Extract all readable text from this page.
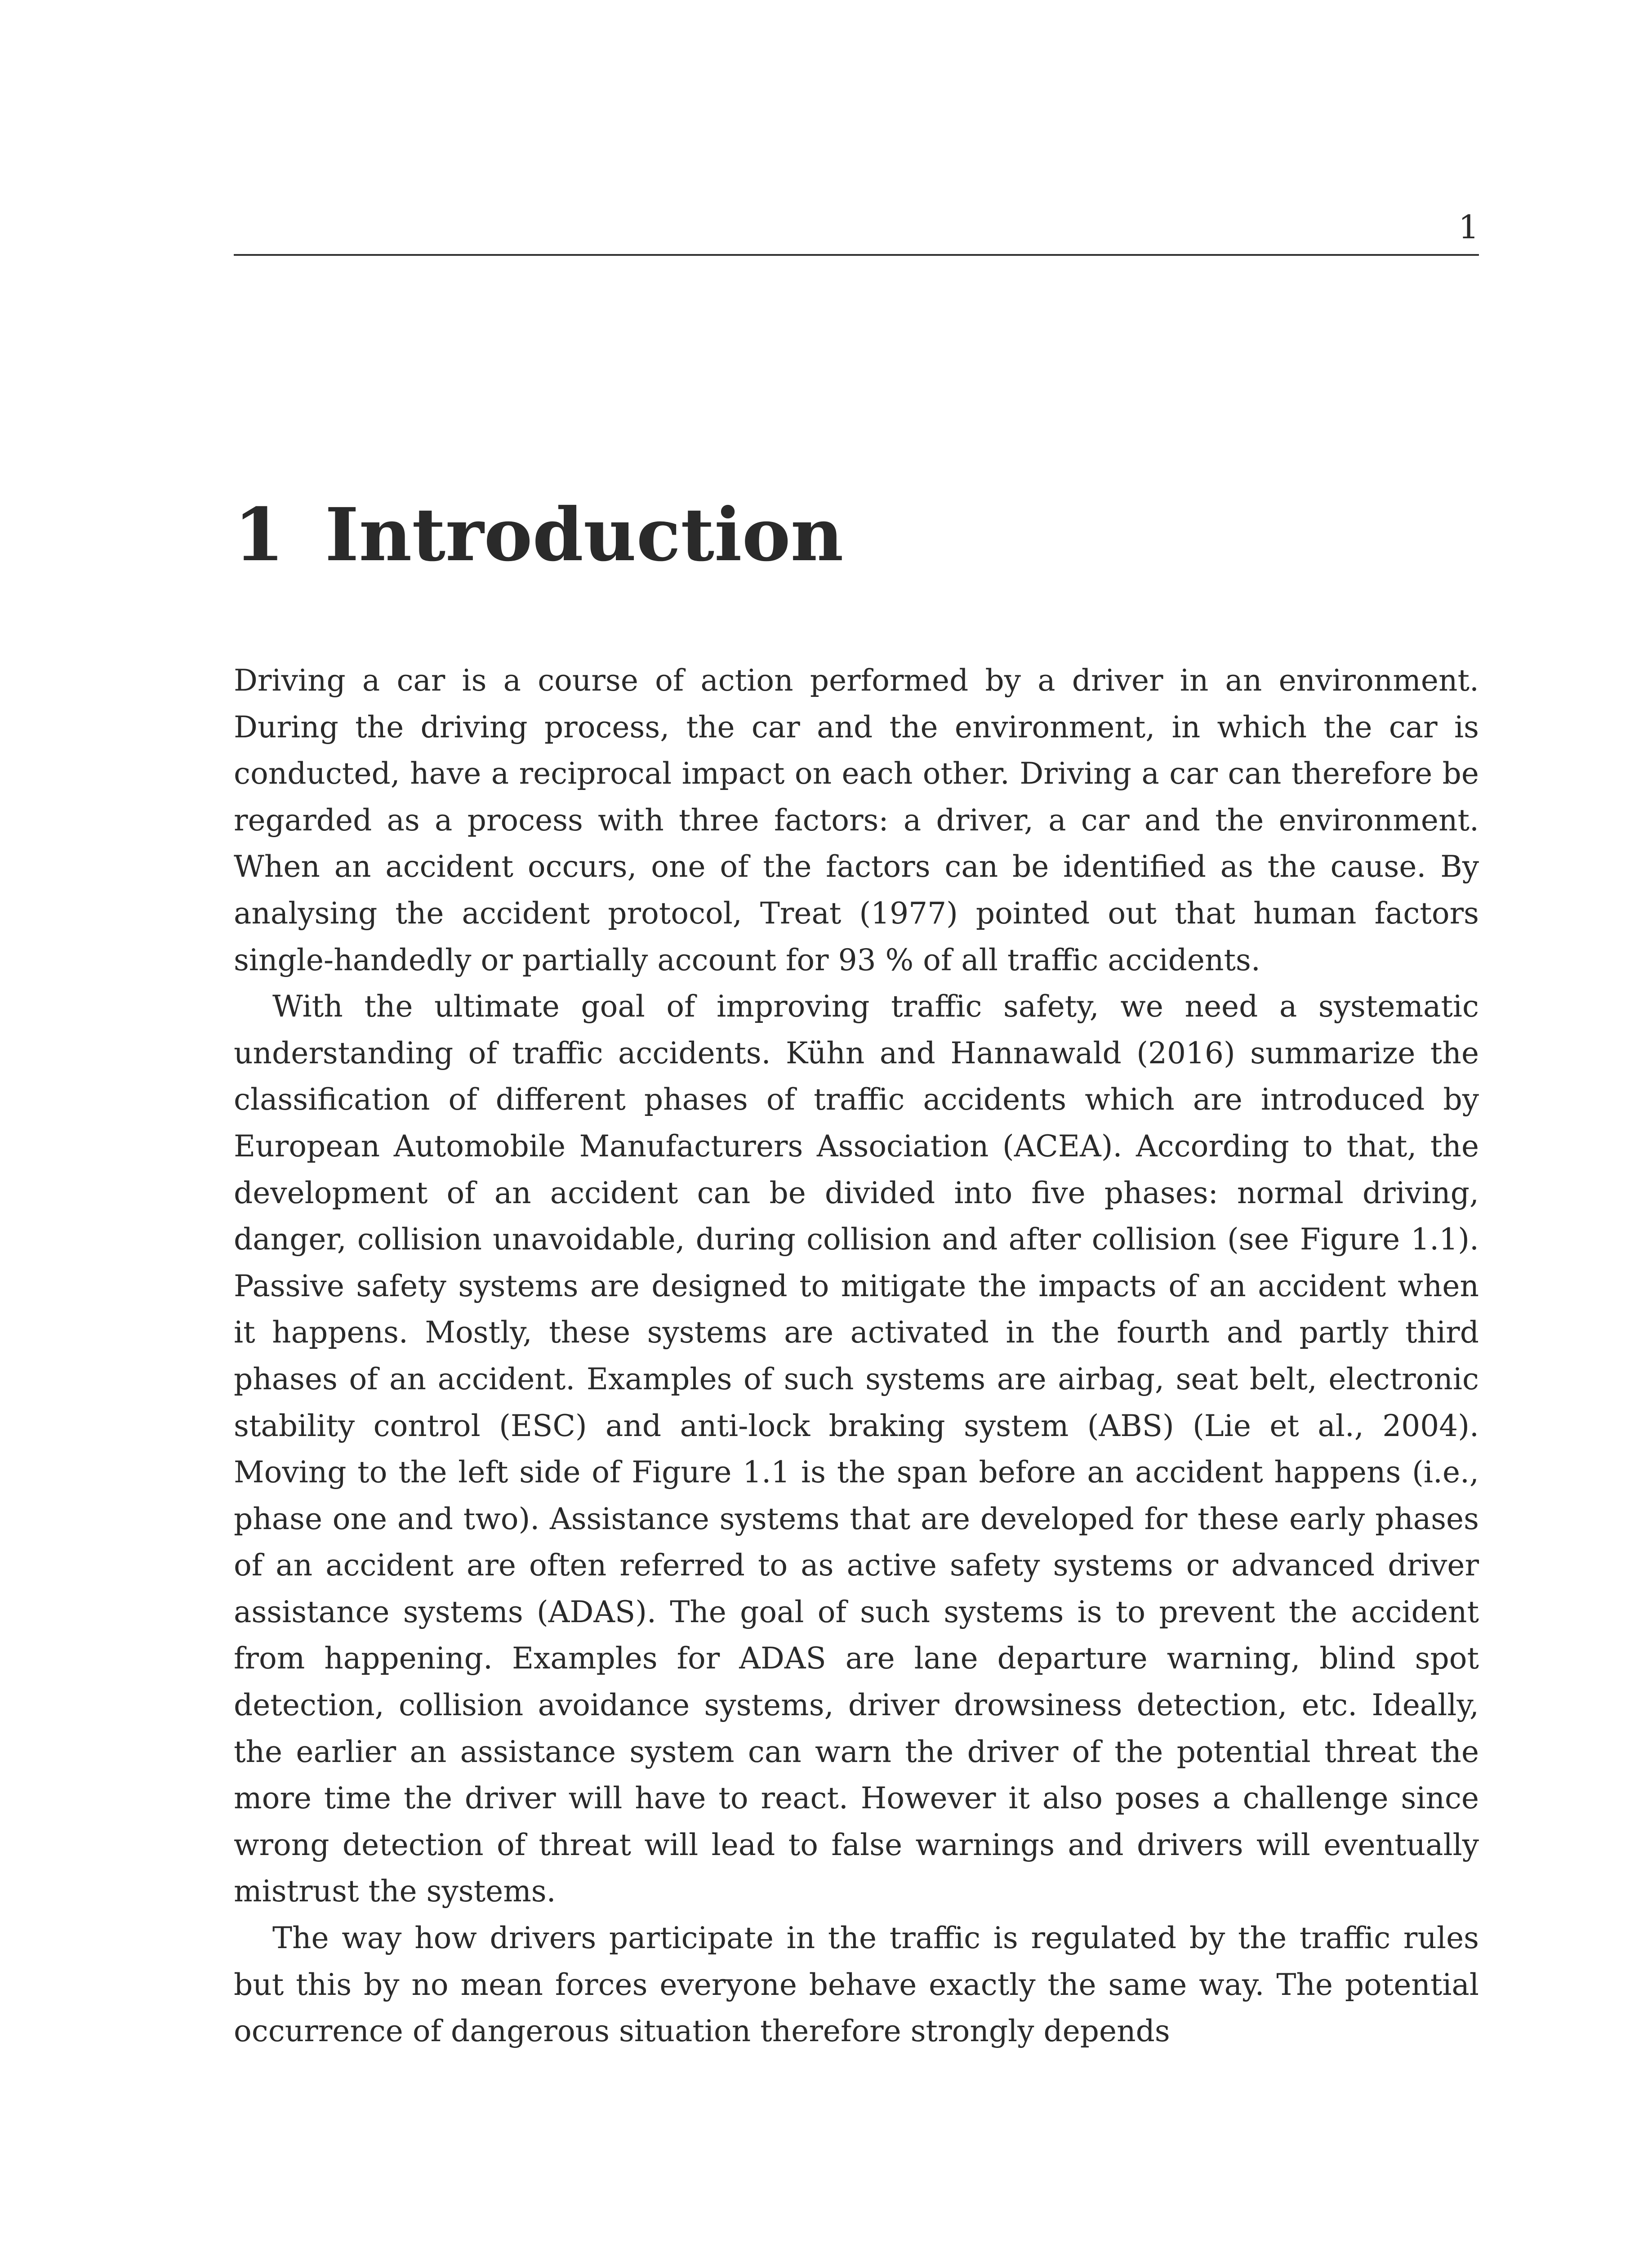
1
1 Introduction

Driving a car is a course of action performed by a driver in an environment. During the driving process, the car and the environment, in which the car is conducted, have a reciprocal impact on each other. Driving a car can therefore be regarded as a process with three factors: a driver, a car and the environment. When an accident occurs, one of the factors can be identified as the cause. By analysing the accident protocol, Treat (1977) pointed out that human factors single-handedly or partially account for 93 % of all traffic accidents.

With the ultimate goal of improving traffic safety, we need a systematic understanding of traffic accidents. Kühn and Hannawald (2016) summarize the classification of different phases of traffic accidents which are introduced by European Automobile Manufacturers Association (ACEA). According to that, the development of an accident can be divided into five phases: normal driving, danger, collision unavoidable, during collision and after collision (see Figure 1.1). Passive safety systems are designed to mitigate the impacts of an accident when it happens. Mostly, these systems are activated in the fourth and partly third phases of an accident. Examples of such systems are airbag, seat belt, electronic stability control (ESC) and anti-lock braking system (ABS) (Lie et al., 2004). Moving to the left side of Figure 1.1 is the span before an accident happens (i.e., phase one and two). Assistance systems that are developed for these early phases of an accident are often referred to as active safety systems or advanced driver assistance systems (ADAS). The goal of such systems is to prevent the accident from happening. Examples for ADAS are lane departure warning, blind spot detection, collision avoidance systems, driver drowsiness detection, etc. Ideally, the earlier an assistance system can warn the driver of the potential threat the more time the driver will have to react. However it also poses a challenge since wrong detection of threat will lead to false warnings and drivers will eventually mistrust the systems.

The way how drivers participate in the traffic is regulated by the traffic rules but this by no mean forces everyone behave exactly the same way. The potential occurrence of dangerous situation therefore strongly depends
